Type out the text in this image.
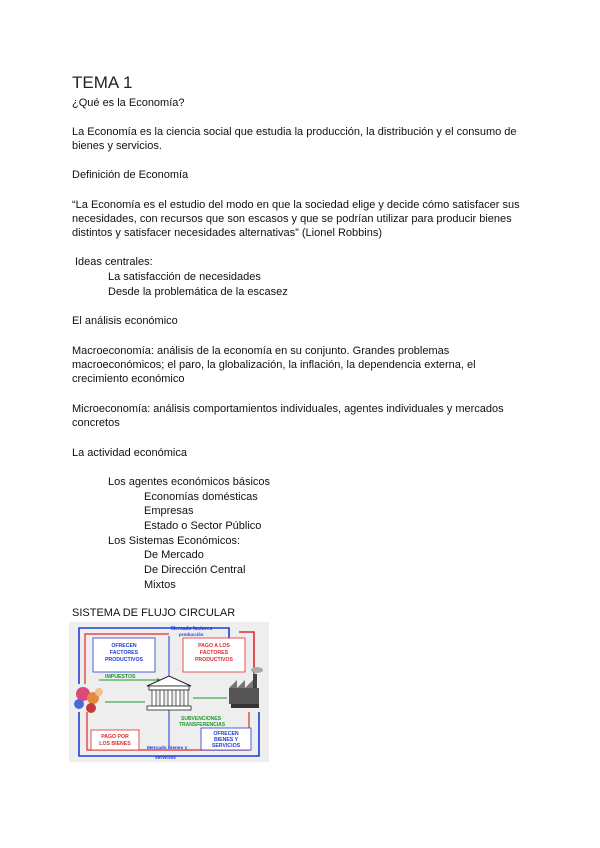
TEMA 1
¿Qué es la Economía?
La Economía es la ciencia social que estudia la producción, la distribución y el consumo de
bienes y servicios.
Definición de Economía
“La Economía es el estudio del modo en que la sociedad elige y decide cómo satisfacer sus
necesidades, con recursos que son escasos y que se podrían utilizar para producir bienes
distintos y satisfacer necesidades alternativas” (Lionel Robbins)
Ideas centrales:
La satisfacción de necesidades
Desde la problemática de la escasez
El análisis económico
Macroeconomía: análisis de la economía en su conjunto. Grandes problemas
macroeconómicos; el paro, la globalización, la inflación, la dependencia externa, el
crecimiento económico
Microeconomía: análisis comportamientos individuales, agentes individuales y mercados
concretos
La actividad económica
Los agentes económicos básicos
Economías domésticas
Empresas
Estado o Sector Público
Los Sistemas Económicos:
De Mercado
De Dirección Central
Mixtos
SISTEMA DE FLUJO CIRCULAR
Mercado factores
producción
OFRECEN
FACTORES
PRODUCTIVOS
PAGO A LOS
FACTORES
PRODUCTIVOS
IMPUESTOS
SUBVENCIONES
TRANSFERENCIAS
PAGO POR
LOS BIENES
OFRECEN
BIENES Y
SERVICIOS
Mercado bienes y
servicios
